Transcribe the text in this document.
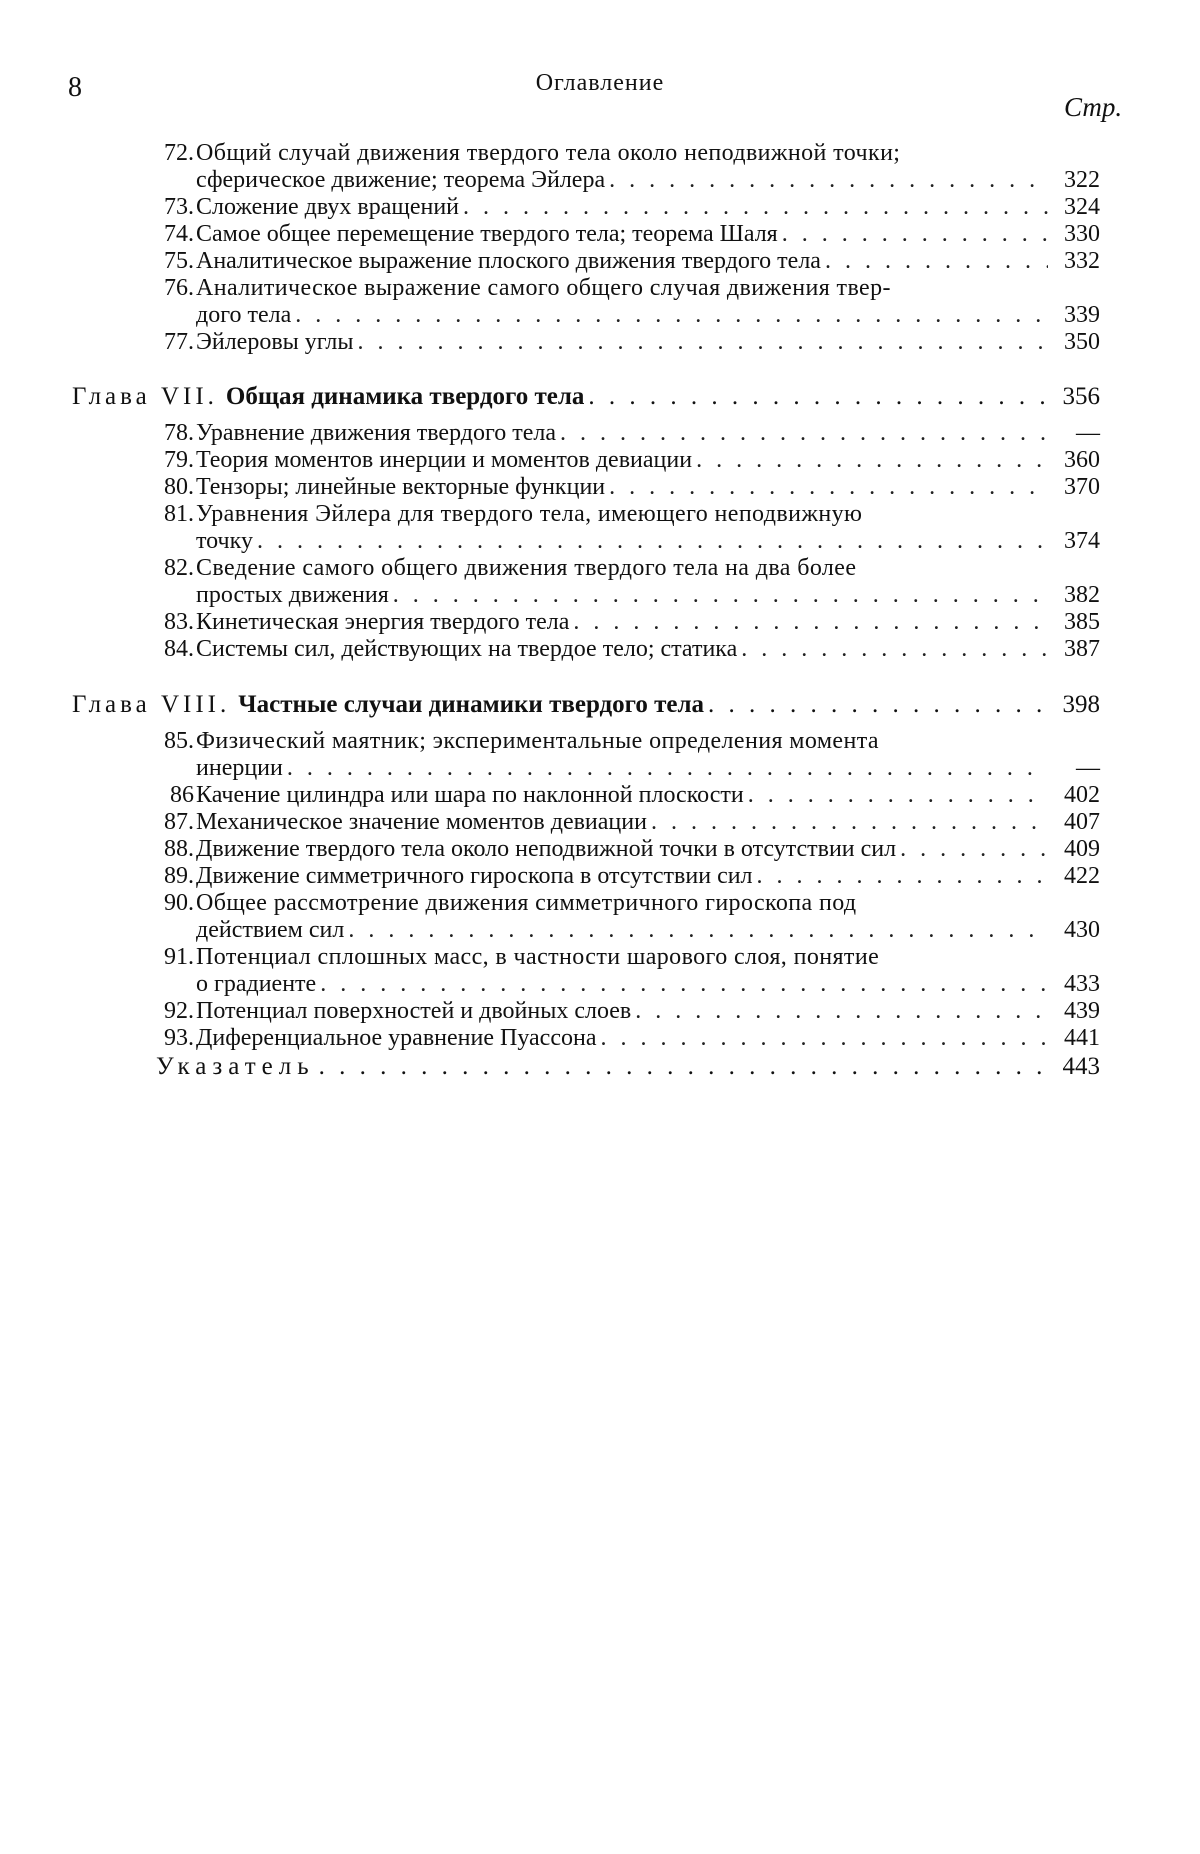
8	Оглавление
Стр.
72. Общий случай движения твердого тела около неподвижной точки;
сферическое движение; теорема Эйлера . . .	322
73. Сложение двух вращений . . .	324
74. Самое общее перемещение твердого тела; теорема Шаля . . .	330
75. Аналитическое выражение плоского движения твердого тела . . .	332
76. Аналитическое выражение самого общего случая движения твер-
дого тела . . .	339
77. Эйлеровы углы . . .	350
Глава VII. Общая динамика твердого тела . . .	356
78. Уравнение движения твердого тела . . .	—
79. Теория моментов инерции и моментов девиации . . .	360
80. Тензоры; линейные векторные функции . . .	370
81. Уравнения Эйлера для твердого тела, имеющего неподвижную
точку . . .	374
82. Сведение самого общего движения твердого тела на два более
простых движения . . .	382
83. Кинетическая энергия твердого тела . . .	385
84. Системы сил, действующих на твердое тело; статика . . .	387
Глава VIII. Частные случаи динамики твердого тела . . .	398
85. Физический маятник; экспериментальные определения момента
инерции . . .	—
86 Качение цилиндра или шара по наклонной плоскости . . .	402
87. Механическое значение моментов девиации . . .	407
88. Движение твердого тела около неподвижной точки в отсутствии сил . . .	409
89. Движение симметричного гироскопа в отсутствии сил . . .	422
90. Общее рассмотрение движения симметричного гироскопа под
действием сил . . .	430
91. Потенциал сплошных масс, в частности шарового слоя, понятие
о градиенте . . .	433
92. Потенциал поверхностей и двойных слоев . . .	439
93. Диференциальное уравнение Пуассона . . .	441
Указатель . . .	443
